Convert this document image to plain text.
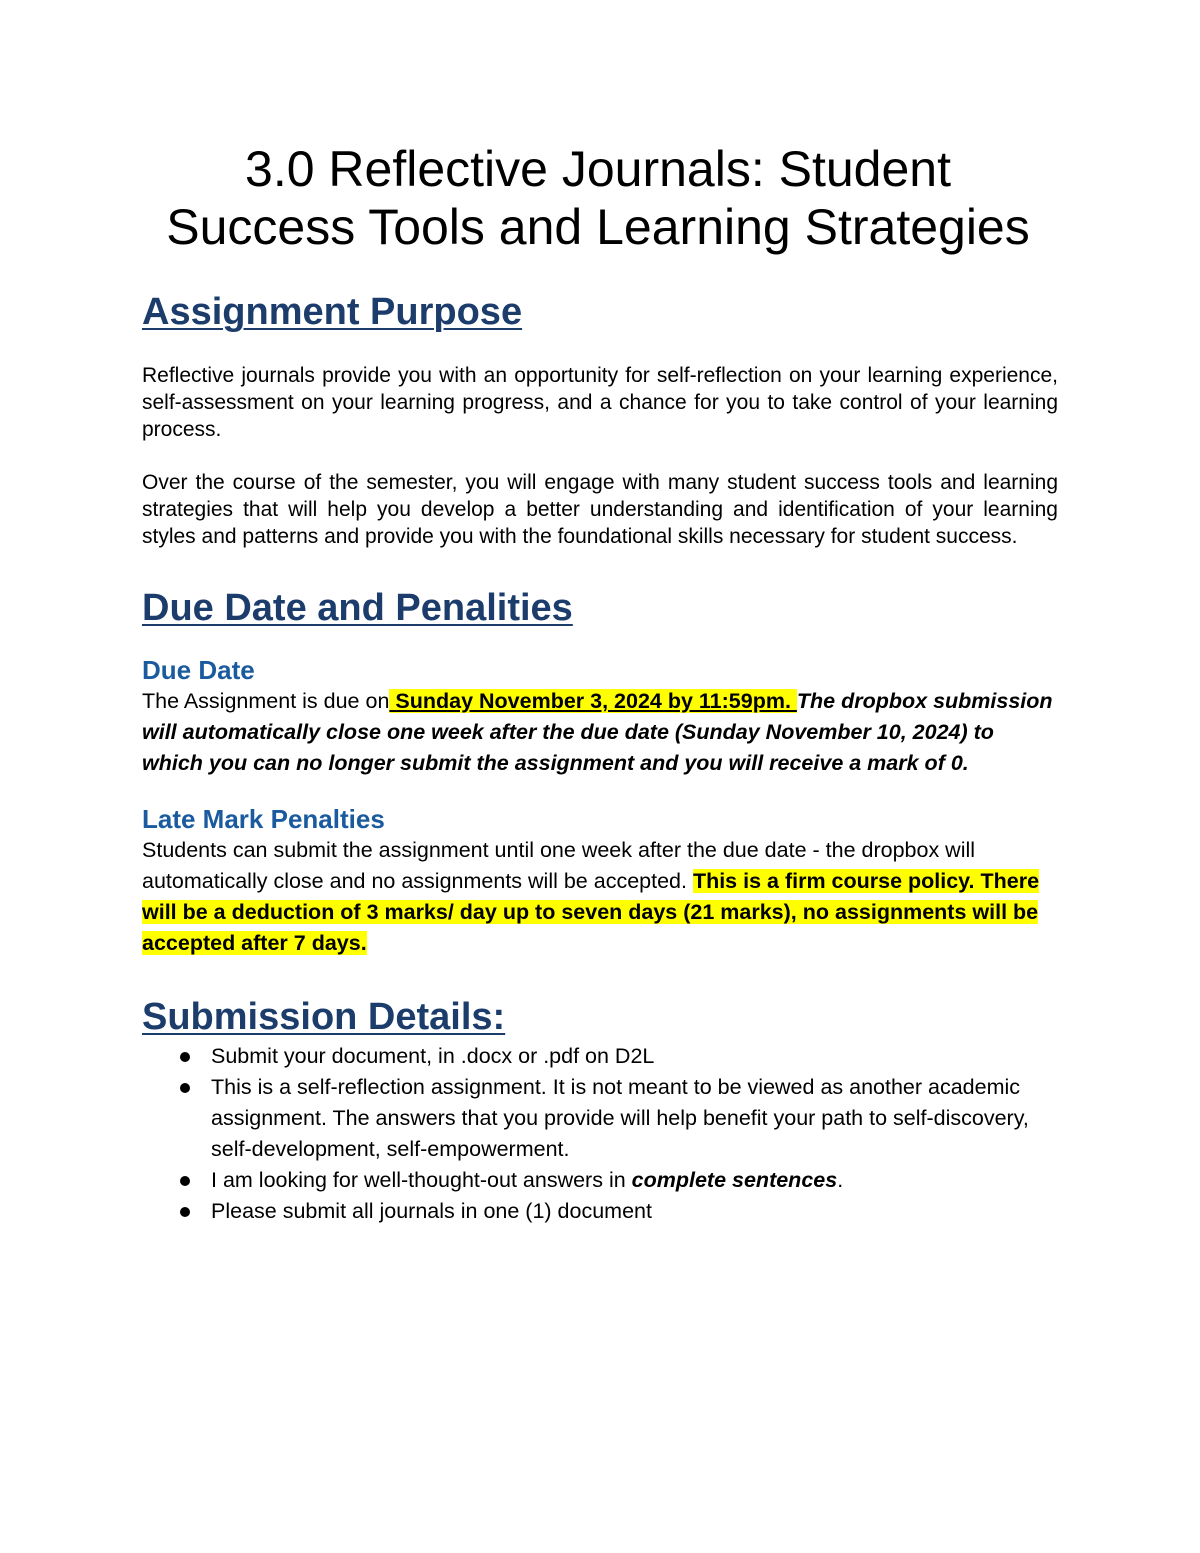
3.0 Reflective Journals: Student
Success Tools and Learning Strategies
Assignment Purpose

Reflective journals provide you with an opportunity for self-reflection on your learning experience, self-assessment on your learning progress, and a chance for you to take control of your learning process.

Over the course of the semester, you will engage with many student success tools and learning strategies that will help you develop a better understanding and identification of your learning styles and patterns and provide you with the foundational skills necessary for student success.

Due Date and Penalities
Due Date

The Assignment is due on Sunday November 3, 2024 by 11:59pm. The dropbox submission will automatically close one week after the due date (Sunday November 10, 2024) to which you can no longer submit the assignment and you will receive a mark of 0.

Late Mark Penalties

Students can submit the assignment until one week after the due date - the dropbox will automatically close and no assignments will be accepted. This is a firm course policy. There will be a deduction of 3 marks/ day up to seven days (21 marks), no assignments will be accepted after 7 days.

Submission Details:
Submit your document, in .docx or .pdf on D2L
This is a self-reflection assignment. It is not meant to be viewed as another academic assignment. The answers that you provide will help benefit your path to self-discovery, self-development, self-empowerment.
I am looking for well-thought-out answers in complete sentences.
Please submit all journals in one (1) document
